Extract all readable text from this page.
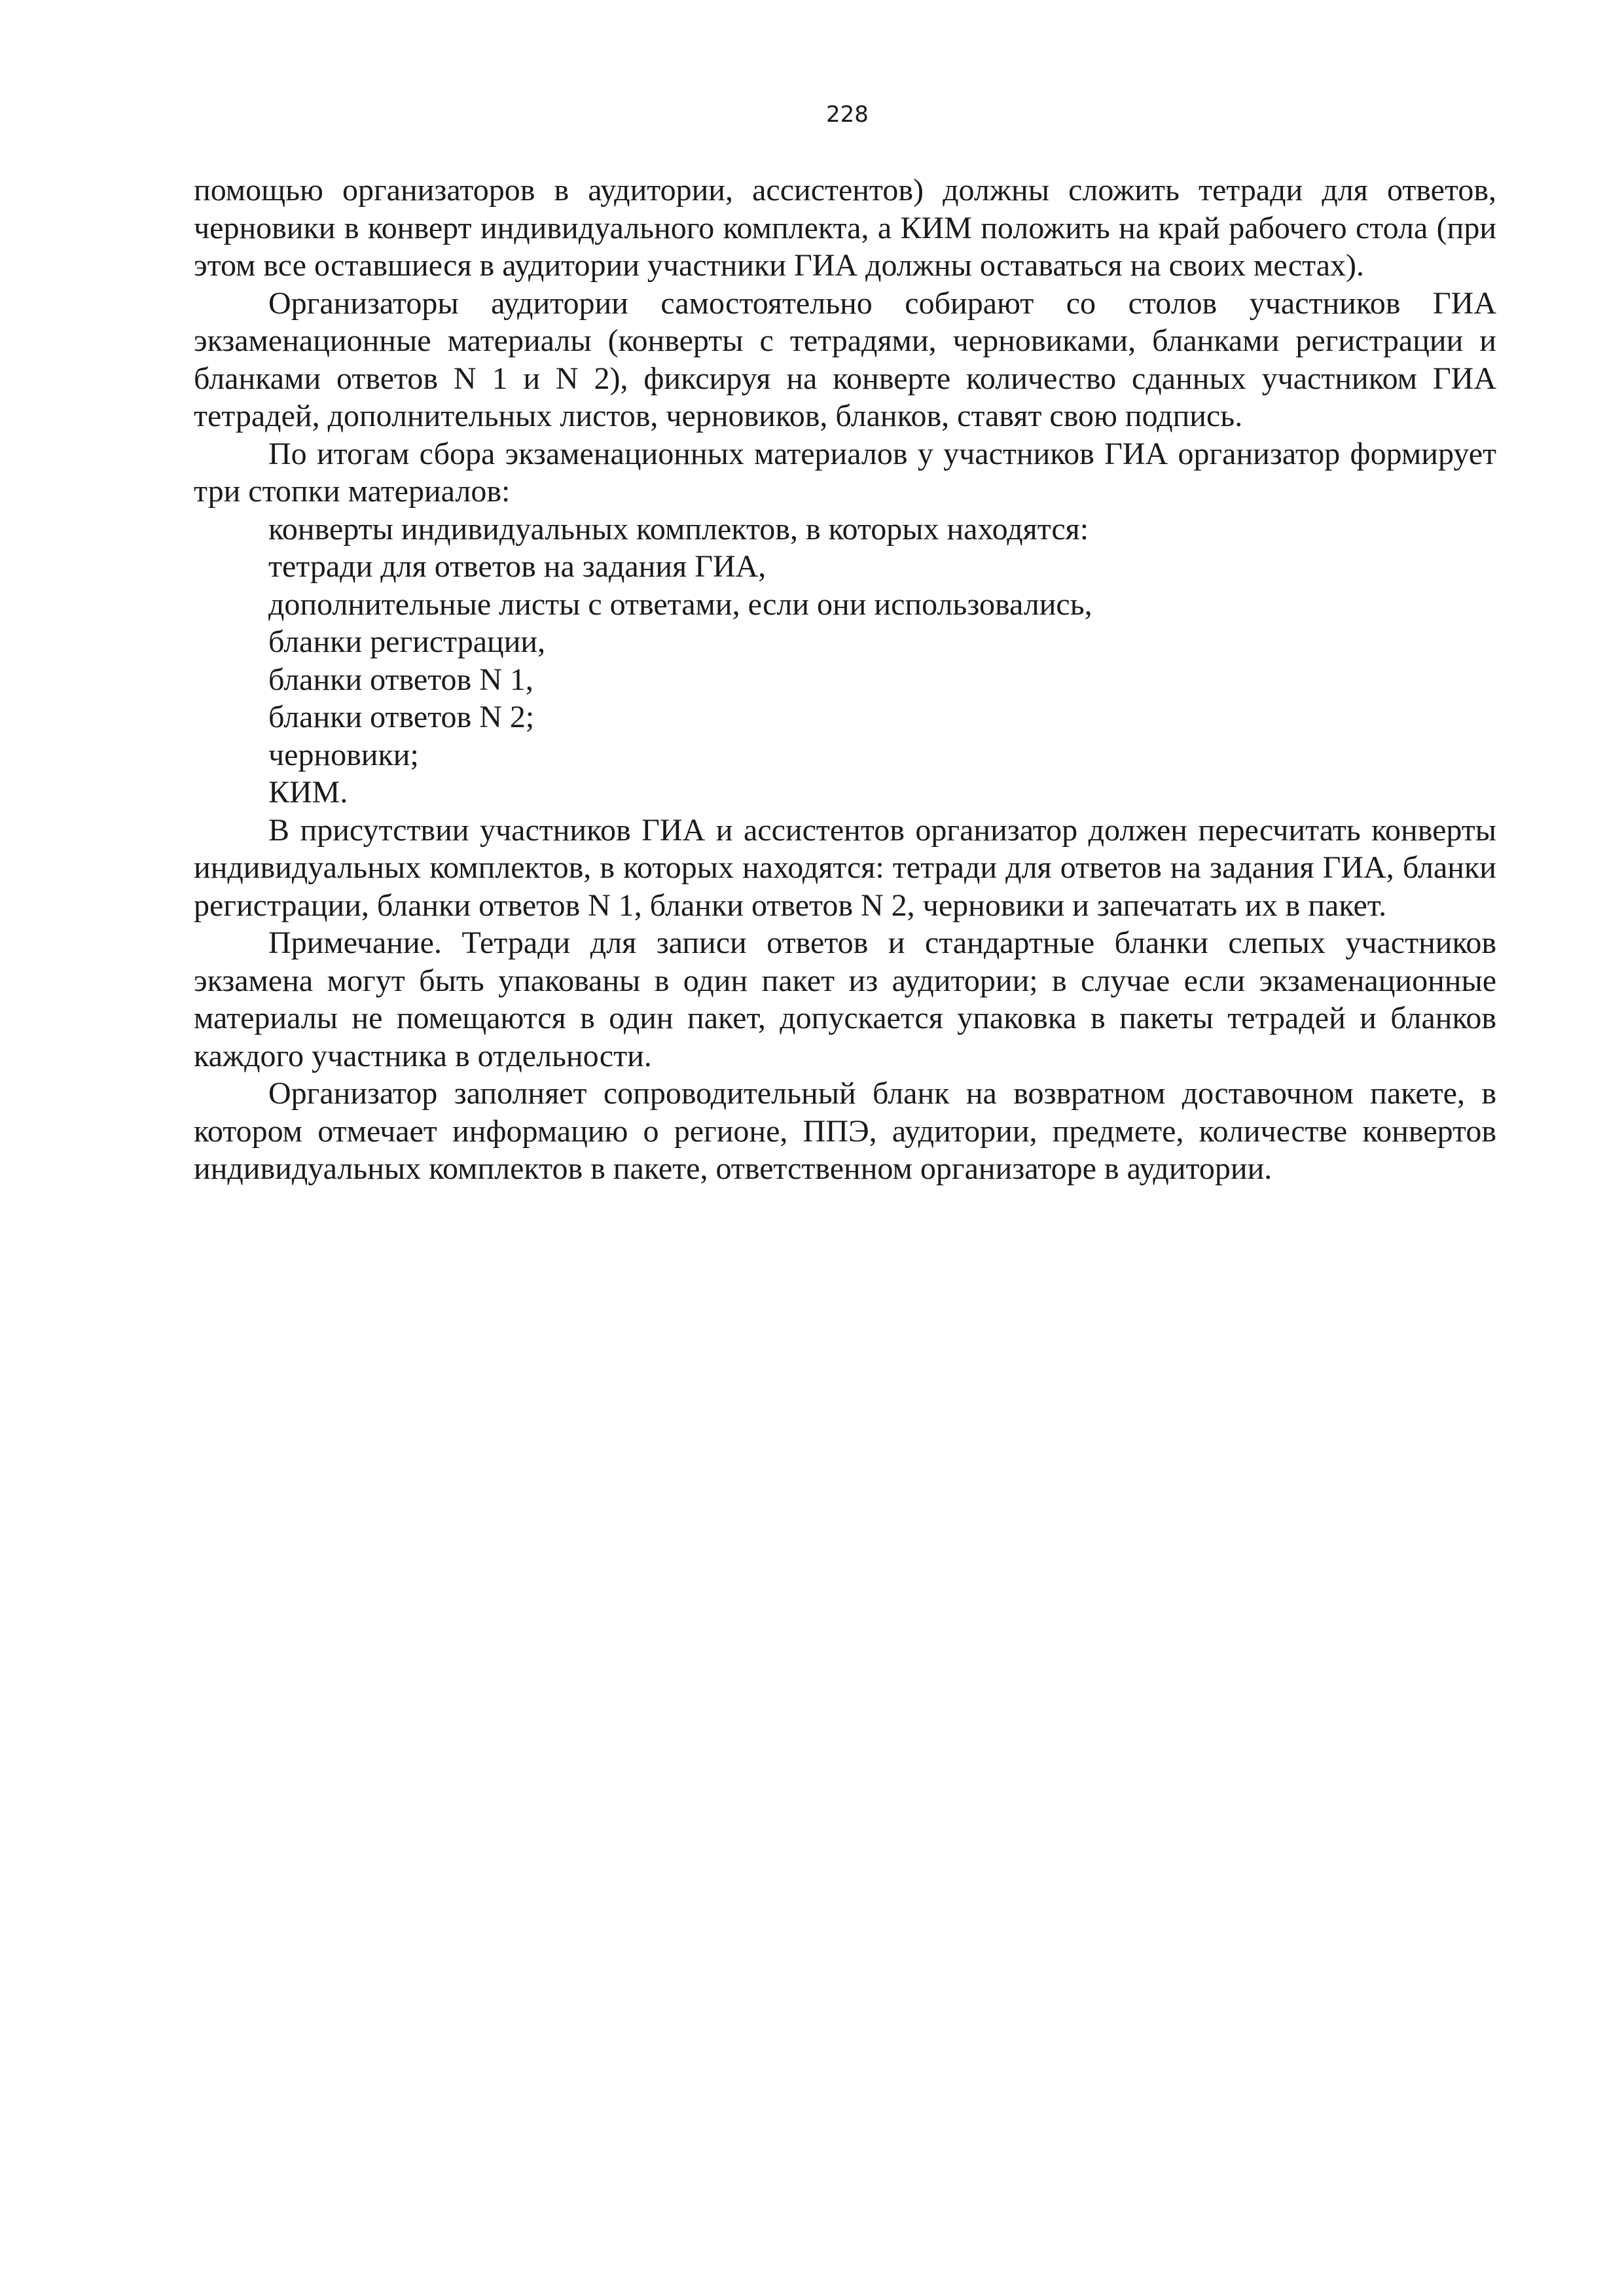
228

помощью организаторов в аудитории, ассистентов) должны сложить тетради для ответов, черновики в конверт индивидуального комплекта, а КИМ положить на край рабочего стола (при этом все оставшиеся в аудитории участники ГИА должны оставаться на своих местах).

Организаторы аудитории самостоятельно собирают со столов участников ГИА экзаменационные материалы (конверты с тетрадями, черновиками, бланками регистрации и бланками ответов N 1 и N 2), фиксируя на конверте количество сданных участником ГИА тетрадей, дополнительных листов, черновиков, бланков, ставят свою подпись.

По итогам сбора экзаменационных материалов у участников ГИА организатор формирует три стопки материалов:

конверты индивидуальных комплектов, в которых находятся:

тетради для ответов на задания ГИА,

дополнительные листы с ответами, если они использовались,

бланки регистрации,

бланки ответов N 1,

бланки ответов N 2;

черновики;

КИМ.

В присутствии участников ГИА и ассистентов организатор должен пересчитать конверты индивидуальных комплектов, в которых находятся: тетради для ответов на задания ГИА, бланки регистрации, бланки ответов N 1, бланки ответов N 2, черновики и запечатать их в пакет.

Примечание. Тетради для записи ответов и стандартные бланки слепых участников экзамена могут быть упакованы в один пакет из аудитории; в случае если экзаменационные материалы не помещаются в один пакет, допускается упаковка в пакеты тетрадей и бланков каждого участника в отдельности.

Организатор заполняет сопроводительный бланк на возвратном доставочном пакете, в котором отмечает информацию о регионе, ППЭ, аудитории, предмете, количестве конвертов индивидуальных комплектов в пакете, ответственном организаторе в аудитории.
